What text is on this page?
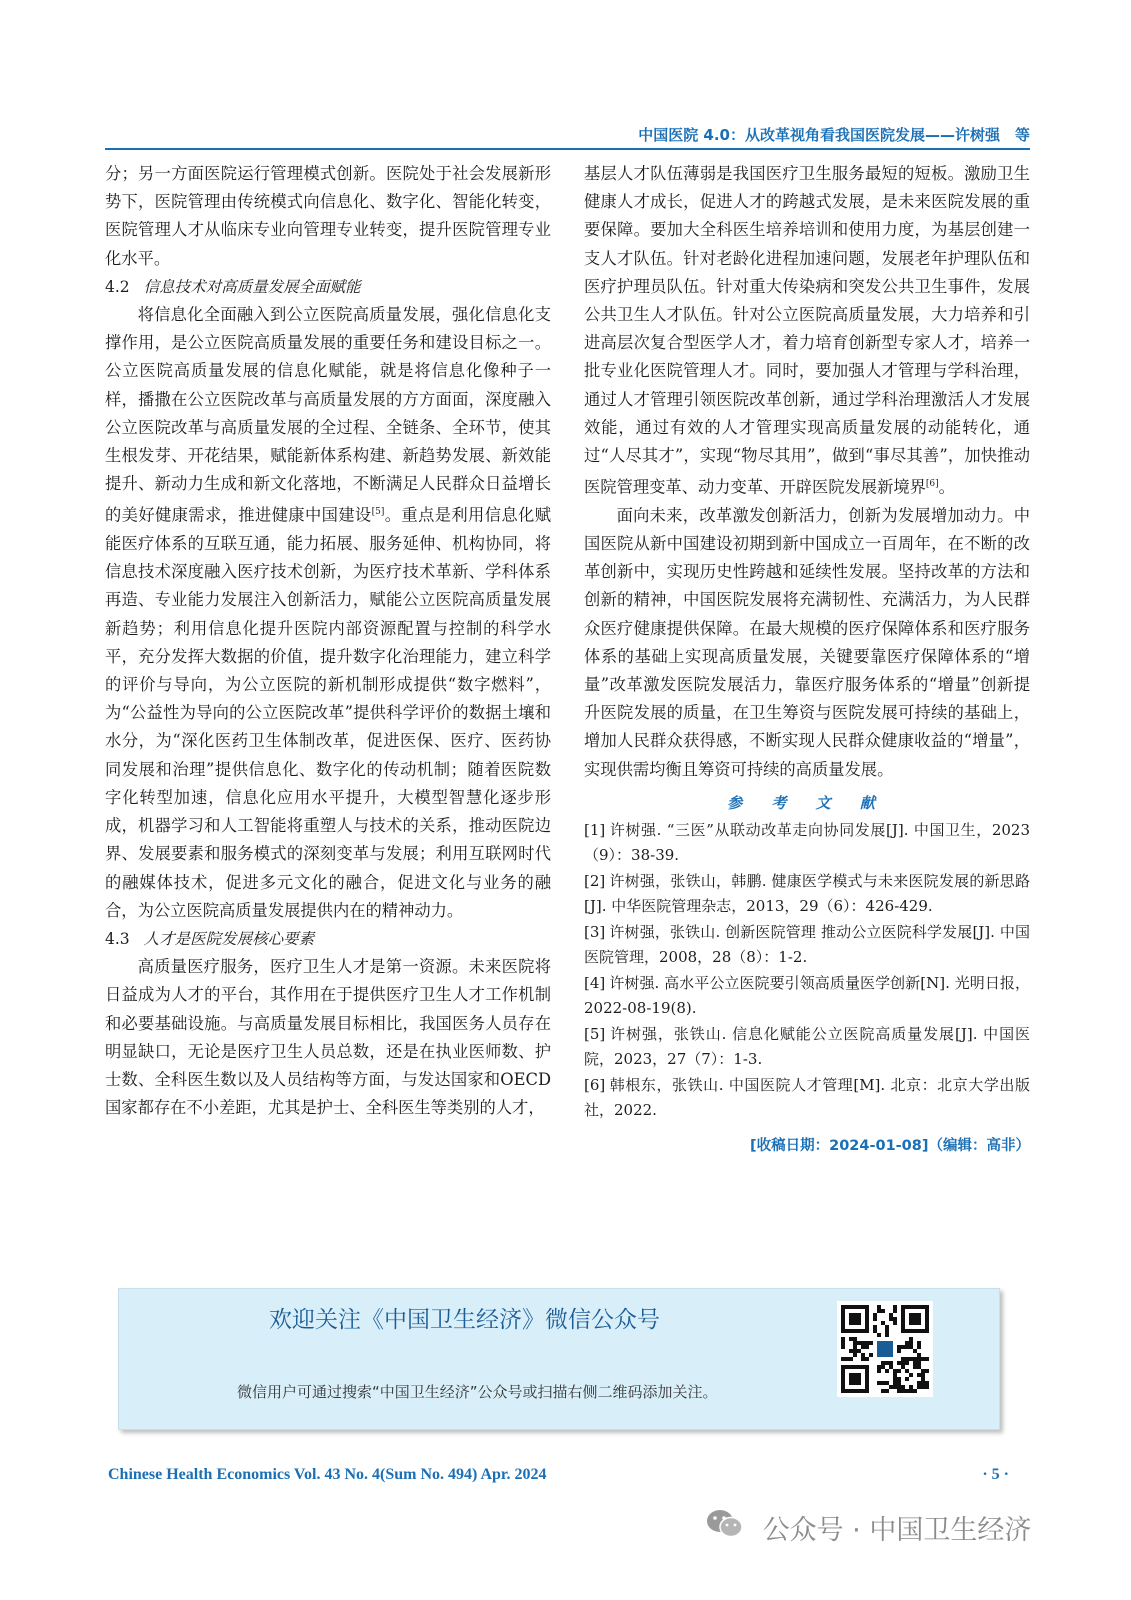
中国医院 4.0：从改革视角看我国医院发展——许树强　等

分；另一方面医院运行管理模式创新。医院处于社会发展新形势下，医院管理由传统模式向信息化、数字化、智能化转变，医院管理人才从临床专业向管理专业转变，提升医院管理专业化水平。

4.2 信息技术对高质量发展全面赋能

将信息化全面融入到公立医院高质量发展，强化信息化支撑作用，是公立医院高质量发展的重要任务和建设目标之一。公立医院高质量发展的信息化赋能，就是将信息化像种子一样，播撒在公立医院改革与高质量发展的方方面面，深度融入公立医院改革与高质量发展的全过程、全链条、全环节，使其生根发芽、开花结果，赋能新体系构建、新趋势发展、新效能提升、新动力生成和新文化落地，不断满足人民群众日益增长的美好健康需求，推进健康中国建设[5]。重点是利用信息化赋能医疗体系的互联互通，能力拓展、服务延伸、机构协同，将信息技术深度融入医疗技术创新，为医疗技术革新、学科体系再造、专业能力发展注入创新活力，赋能公立医院高质量发展新趋势；利用信息化提升医院内部资源配置与控制的科学水平，充分发挥大数据的价值，提升数字化治理能力，建立科学的评价与导向，为公立医院的新机制形成提供“数字燃料”，为“公益性为导向的公立医院改革”提供科学评价的数据土壤和水分，为“深化医药卫生体制改革，促进医保、医疗、医药协同发展和治理”提供信息化、数字化的传动机制；随着医院数字化转型加速，信息化应用水平提升，大模型智慧化逐步形成，机器学习和人工智能将重塑人与技术的关系，推动医院边界、发展要素和服务模式的深刻变革与发展；利用互联网时代的融媒体技术，促进多元文化的融合，促进文化与业务的融合，为公立医院高质量发展提供内在的精神动力。

4.3 人才是医院发展核心要素

高质量医疗服务，医疗卫生人才是第一资源。未来医院将日益成为人才的平台，其作用在于提供医疗卫生人才工作机制和必要基础设施。与高质量发展目标相比，我国医务人员存在明显缺口，无论是医疗卫生人员总数，还是在执业医师数、护士数、全科医生数以及人员结构等方面，与发达国家和OECD国家都存在不小差距，尤其是护士、全科医生等类别的人才，

基层人才队伍薄弱是我国医疗卫生服务最短的短板。激励卫生健康人才成长，促进人才的跨越式发展，是未来医院发展的重要保障。要加大全科医生培养培训和使用力度，为基层创建一支人才队伍。针对老龄化进程加速问题，发展老年护理队伍和医疗护理员队伍。针对重大传染病和突发公共卫生事件，发展公共卫生人才队伍。针对公立医院高质量发展，大力培养和引进高层次复合型医学人才，着力培育创新型专家人才，培养一批专业化医院管理人才。同时，要加强人才管理与学科治理，通过人才管理引领医院改革创新，通过学科治理激活人才发展效能，通过有效的人才管理实现高质量发展的动能转化，通过“人尽其才”，实现“物尽其用”，做到“事尽其善”，加快推动医院管理变革、动力变革、开辟医院发展新境界[6]。

面向未来，改革激发创新活力，创新为发展增加动力。中国医院从新中国建设初期到新中国成立一百周年，在不断的改革创新中，实现历史性跨越和延续性发展。坚持改革的方法和创新的精神，中国医院发展将充满韧性、充满活力，为人民群众医疗健康提供保障。在最大规模的医疗保障体系和医疗服务体系的基础上实现高质量发展，关键要靠医疗保障体系的“增量”改革激发医院发展活力，靠医疗服务体系的“增量”创新提升医院发展的质量，在卫生筹资与医院发展可持续的基础上，增加人民群众获得感，不断实现人民群众健康收益的“增量”，实现供需均衡且筹资可持续的高质量发展。

参 考 文 献
[1] 许树强. “三医”从联动改革走向协同发展[J]. 中国卫生，2023（9）：38-39.
[2] 许树强，张铁山，韩鹏. 健康医学模式与未来医院发展的新思路[J]. 中华医院管理杂志，2013，29（6）：426-429.
[3] 许树强，张铁山. 创新医院管理 推动公立医院科学发展[J]. 中国医院管理，2008，28（8）：1-2.
[4] 许树强. 高水平公立医院要引领高质量医学创新[N]. 光明日报，2022-08-19(8).
[5] 许树强，张铁山. 信息化赋能公立医院高质量发展[J]. 中国医院，2023，27（7）：1-3.
[6] 韩根东，张铁山. 中国医院人才管理[M]. 北京：北京大学出版社，2022.
[收稿日期：2024-01-08]（编辑：高非）
欢迎关注《中国卫生经济》微信公众号
微信用户可通过搜索“中国卫生经济”公众号或扫描右侧二维码添加关注。
Chinese Health Economics Vol. 43 No. 4(Sum No. 494) Apr. 2024	· 5 ·
公众号 · 中国卫生经济
